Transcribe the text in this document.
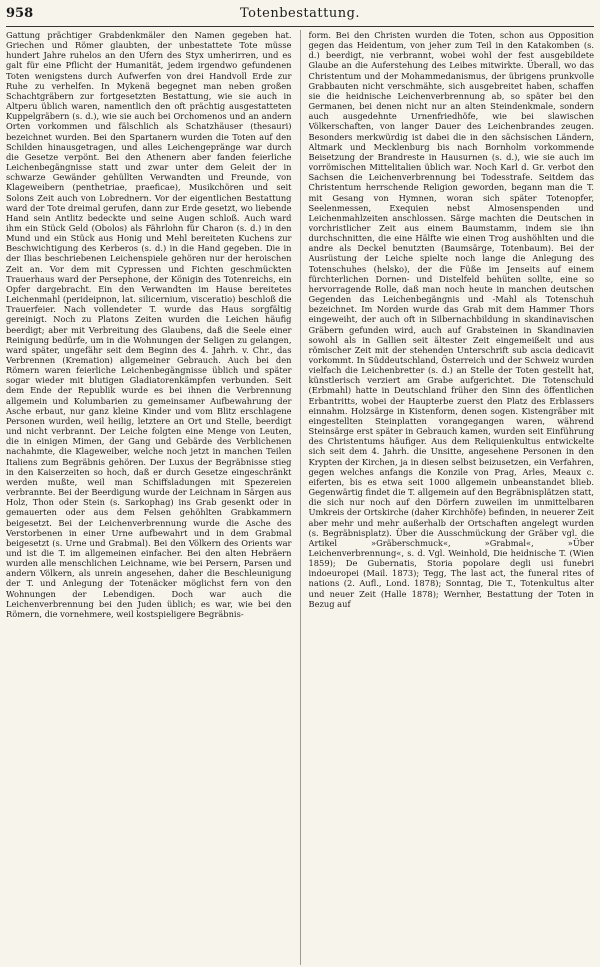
958	Totenbestattung.

Gattung prächtiger Grabdenkmäler den Namen gegeben hat. Griechen und Römer glaubten, der unbestattete Tote müsse hundert Jahre ruhelos an den Ufern des Styx umherirren, und es galt für eine Pflicht der Humanität, jedem irgendwo gefundenen Toten wenigstens durch Aufwerfen von drei Handvoll Erde zur Ruhe zu verhelfen. In Mykenä begegnet man neben großen Schachtgräbern zur fortgesetzten Bestattung, wie sie auch in Altperu üblich waren, namentlich den oft prächtig ausgestatteten Kuppelgräbern (s. d.), wie sie auch bei Orchomenos und an andern Orten vorkommen und fälschlich als Schatzhäuser (thesauri) bezeichnet wurden. Bei den Spartanern wurden die Toten auf den Schilden hinausgetragen, und alles Leichengepränge war durch die Gesetze verpönt. Bei den Athenern aber fanden feierliche Leichenbegängnisse statt und zwar unter dem Geleit der in schwarze Gewänder gehüllten Verwandten und Freunde, von Klageweibern (penthetriae, praeficae), Musikchören und seit Solons Zeit auch von Lobrednern. Vor der eigentlichen Bestattung ward der Tote dreimal gerufen, dann zur Erde gesetzt, wo liebende Hand sein Antlitz bedeckte und seine Augen schloß. Auch ward ihm ein Stück Geld (Obolos) als Fährlohn für Charon (s. d.) in den Mund und ein Stück aus Honig und Mehl bereiteten Kuchens zur Beschwichtigung des Kerberos (s. d.) in die Hand gegeben. Die in der Ilias beschriebenen Leichenspiele gehören nur der heroischen Zeit an. Vor dem mit Cypressen und Fichten geschmückten Trauerhaus ward der Persephone, der Königin des Totenreichs, ein Opfer dargebracht. Ein den Verwandten im Hause bereitetes Leichenmahl (perideipnon, lat. silicernium, visceratio) beschloß die Trauerfeier. Nach vollendeter T. wurde das Haus sorgfältig gereinigt. Noch zu Platons Zeiten wurden die Leichen häufig beerdigt; aber mit Verbreitung des Glaubens, daß die Seele einer Reinigung bedürfe, um in die Wohnungen der Seligen zu gelangen, ward später, ungefähr seit dem Beginn des 4. Jahrh. v. Chr., das Verbrennen (Kremation) allgemeiner Gebrauch. Auch bei den Römern waren feierliche Leichenbegängnisse üblich und später sogar wieder mit blutigen Gladiatorenkämpfen verbunden. Seit dem Ende der Republik wurde es bei ihnen die Verbrennung allgemein und Kolumbarien zu gemeinsamer Aufbewahrung der Asche erbaut, nur ganz kleine Kinder und vom Blitz erschlagene Personen wurden, weil heilig, letztere an Ort und Stelle, beerdigt und nicht verbrannt. Der Leiche folgten eine Menge von Leuten, die in einigen Mimen, der Gang und Gebärde des Verblichenen nachahmte, die Klageweiber, welche noch jetzt in manchen Teilen Italiens zum Begräbnis gehören. Der Luxus der Begräbnisse stieg in den Kaiserzeiten so hoch, daß er durch Gesetze eingeschränkt werden mußte, weil man Schiffsladungen mit Spezereien verbrannte. Bei der Beerdigung wurde der Leichnam in Särgen aus Holz, Thon oder Stein (s. Sarkophag) ins Grab gesenkt oder in gemauerten oder aus dem Felsen gehöhlten Grabkammern beigesetzt. Bei der Leichenverbrennung wurde die Asche des Verstorbenen in einer Urne aufbewahrt und in dem Grabmal beigesetzt (s. Urne und Grabmal). Bei den Völkern des Orients war und ist die T. im allgemeinen einfacher. Bei den alten Hebräern wurden alle menschlichen Leichname, wie bei Persern, Parsen und andern Völkern, als unrein angesehen, daher die Beschleunigung der T. und Anlegung der Totenäcker möglichst fern von den Wohnungen der Lebendigen. Doch war auch die Leichenverbrennung bei den Juden üblich; es war, wie bei den Römern, die vornehmere, weil kostspieligere Begräbnis-

form. Bei den Christen wurden die Toten, schon aus Opposition gegen das Heidentum, von jeher zum Teil in den Katakomben (s. d.) beerdigt, nie verbrannt, wobei wohl der fest ausgebildete Glaube an die Auferstehung des Leibes mitwirkte. Überall, wo das Christentum und der Mohammedanismus, der übrigens prunkvolle Grabbauten nicht verschmähte, sich ausgebreitet haben, schaffen sie die heidnische Leichenverbrennung ab, so später bei den Germanen, bei denen nicht nur an alten Steindenkmale, sondern auch ausgedehnte Urnenfriedhöfe, wie bei slawischen Völkerschaften, von langer Dauer des Leichenbrandes zeugen. Besonders merkwürdig ist dabei die in den sächsischen Ländern, Altmark und Mecklenburg bis nach Bornholm vorkommende Beisetzung der Brandreste in Hausurnen (s. d.), wie sie auch im vorrömischen Mittelitalien üblich war. Noch Karl d. Gr. verbot den Sachsen die Leichenverbrennung bei Todesstrafe. Seitdem das Christentum herrschende Religion geworden, begann man die T. mit Gesang von Hymnen, woran sich später Totenopfer, Seelenmessen, Exequien nebst Almosenspenden und Leichenmahlzeiten anschlossen. Särge machten die Deutschen in vorchristlicher Zeit aus einem Baumstamm, indem sie ihn durchschnitten, die eine Hälfte wie einen Trog aushöhlten und die andre als Deckel benutzten (Baumsärge, Totenbaum). Bei der Ausrüstung der Leiche spielte noch lange die Anlegung des Totenschuhes (helsko), der die Füße im Jenseits auf einem fürchterlichen Dornen- und Distelfeld behüten sollte, eine so hervorragende Rolle, daß man noch heute in manchen deutschen Gegenden das Leichenbegängnis und -Mahl als Totenschuh bezeichnet. Im Norden wurde das Grab mit dem Hammer Thors eingeweiht, der auch oft in Silbernachbildung in skandinavischen Gräbern gefunden wird, auch auf Grabsteinen in Skandinavien sowohl als in Gallien seit ältester Zeit eingemeißelt und aus römischer Zeit mit der stehenden Unterschrift sub ascia dedicavit vorkommt. In Süddeutschland, Österreich und der Schweiz wurden vielfach die Leichenbretter (s. d.) an Stelle der Toten gestellt hat, künstlerisch verziert am Grabe aufgerichtet. Die Totenschuld (Erbmahl) hatte in Deutschland früher den Sinn des öffentlichen Erbantritts, wobei der Haupterbe zuerst den Platz des Erblassers einnahm. Holzsärge in Kistenform, denen sogen. Kistengräber mit eingestellten Steinplatten vorangegangen waren, während Steinsärge erst später in Gebrauch kamen, wurden seit Einführung des Christentums häufiger. Aus dem Reliquienkultus entwickelte sich seit dem 4. Jahrh. die Unsitte, angesehene Personen in den Krypten der Kirchen, ja in diesen selbst beizusetzen, ein Verfahren, gegen welches anfangs die Konzile von Prag, Arles, Meaux c. eiferten, bis es etwa seit 1000 allgemein unbeanstandet blieb. Gegenwärtig findet die T. allgemein auf den Begräbnisplätzen statt, die sich nur noch auf den Dörfern zuweilen im unmittelbaren Umkreis der Ortskirche (daher Kirchhöfe) befinden, in neuerer Zeit aber mehr und mehr außerhalb der Ortschaften angelegt wurden (s. Begräbnisplatz). Über die Ausschmückung der Gräber vgl. die Artikel »Gräberschmuck«, »Grabmal«, »Über Leichenverbrennung«, s. d. Vgl. Weinhold, Die heidnische T. (Wien 1859); De Gubernatis, Storia popolare degli usi funebri indoeuropei (Mail. 1873); Tegg, The last act, the funeral rites of nations (2. Aufl., Lond. 1878); Sonntag, Die T., Totenkultus alter und neuer Zeit (Halle 1878); Wernher, Bestattung der Toten in Bezug auf
